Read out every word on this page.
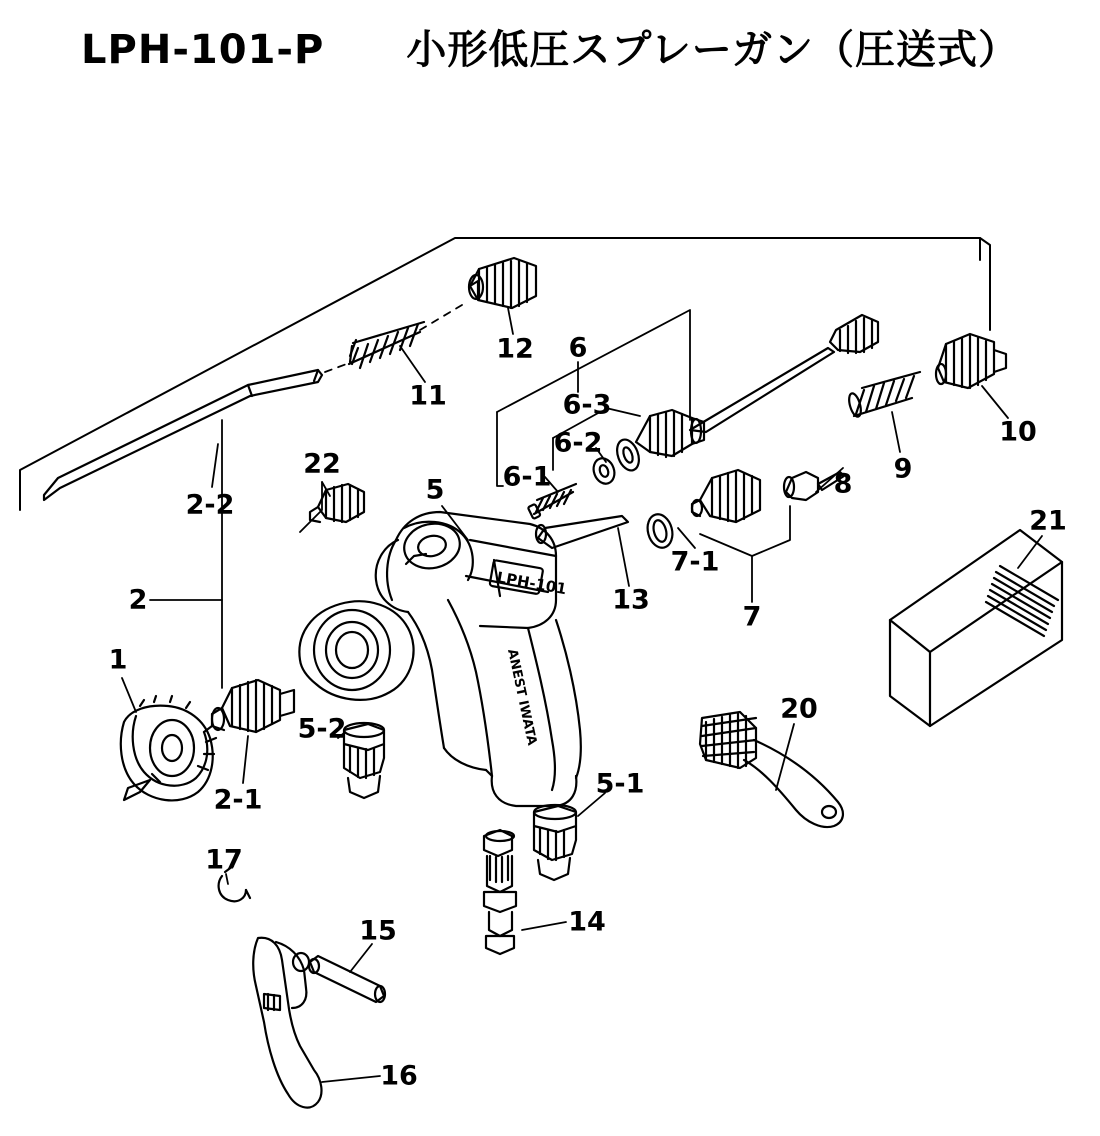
LPH-101-P　　小形低圧スプレーガン（圧送式）
LPH-101
ANEST IWATA
1
2
2-1
2-2	5
5-1
5-2
6
6-1
6-2
6-3
7
7-1
8 9
10
11
12
13
14
15
16
17
20
21
22
